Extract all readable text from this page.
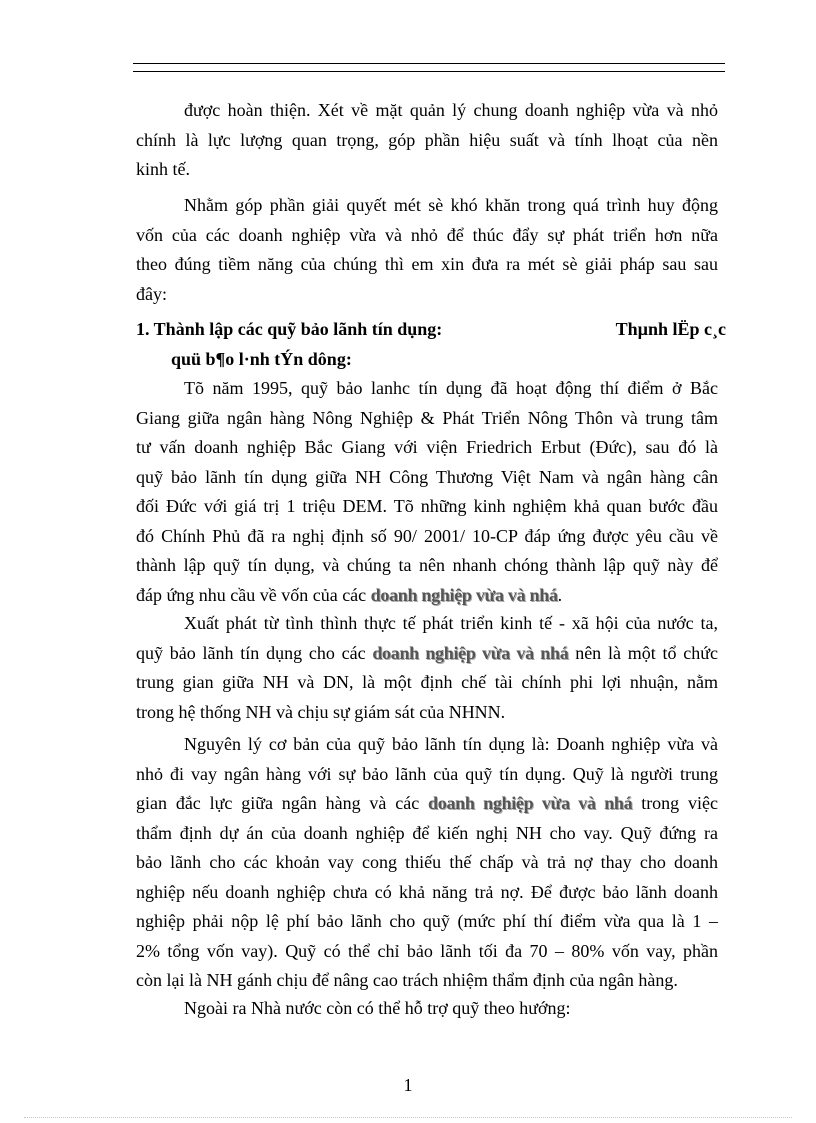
được hoàn thiện. Xét về mặt quản lý chung doanh nghiệp vừa và nhỏ
chính là lực lượng quan trọng, góp phần hiệu suất và tính lhoạt của nền
kinh tế.
Nhằm góp phần giải quyết mét sè khó khăn trong quá trình huy động
vốn của các doanh nghiệp vừa và nhỏ để thúc đẩy sự phát triển hơn nữa
theo đúng tiềm năng của chúng thì em xin đưa ra mét sè giải pháp sau sau
đây:
1. Thành lập các quỹ bảo lãnh tín dụng:	Thµnh lËp c¸c
quü b¶o l·nh tÝn dông:
Tõ năm 1995, quỹ bảo lanhc tín dụng đã hoạt động thí điểm ở Bắc
Giang giữa ngân hàng Nông Nghiệp & Phát Triển Nông Thôn và trung tâm
tư vấn doanh nghiệp Bắc Giang với viện Friedrich Erbut (Đức), sau đó là
quỹ bảo lãnh tín dụng giữa NH Công Thương Việt Nam và ngân hàng cân
đối Đức với giá trị 1 triệu DEM. Tõ những kinh nghiệm khả quan bước đầu
đó Chính Phủ đã ra nghị định số 90/ 2001/ 10-CP đáp ứng được yêu cầu về
thành lập quỹ tín dụng, và chúng ta nên nhanh chóng thành lập quỹ này để
đáp ứng nhu cầu về vốn của các doanh nghiệp vừa và nhá.
Xuất phát từ tình thình thực tế phát triển kinh tế - xã hội của nước ta,
quỹ bảo lãnh tín dụng cho các doanh nghiệp vừa và nhá nên là một tổ chức
trung gian giữa NH và DN, là một định chế tài chính phi lợi nhuận, nằm
trong hệ thống NH và chịu sự giám sát của NHNN.
Nguyên lý cơ bản của quỹ bảo lãnh tín dụng là: Doanh nghiệp vừa và
nhỏ đi vay ngân hàng với sự bảo lãnh của quỹ tín dụng. Quỹ là người trung
gian đắc lực giữa ngân hàng và các doanh nghiệp vừa và nhá trong việc
thẩm định dự án của doanh nghiệp để kiến nghị NH cho vay. Quỹ đứng ra
bảo lãnh cho các khoản vay cong thiếu thế chấp và trả nợ thay cho doanh
nghiệp nếu doanh nghiệp chưa có khả năng trả nợ. Để được bảo lãnh doanh
nghiệp phải nộp lệ phí bảo lãnh cho quỹ (mức phí thí điểm vừa qua là 1 –
2% tổng vốn vay). Quỹ có thể chỉ bảo lãnh tối đa 70 – 80% vốn vay, phần
còn lại là NH gánh chịu để nâng cao trách nhiệm thẩm định của ngân hàng.
Ngoài ra Nhà nước còn có thể hỗ trợ quỹ theo hướng:
1
